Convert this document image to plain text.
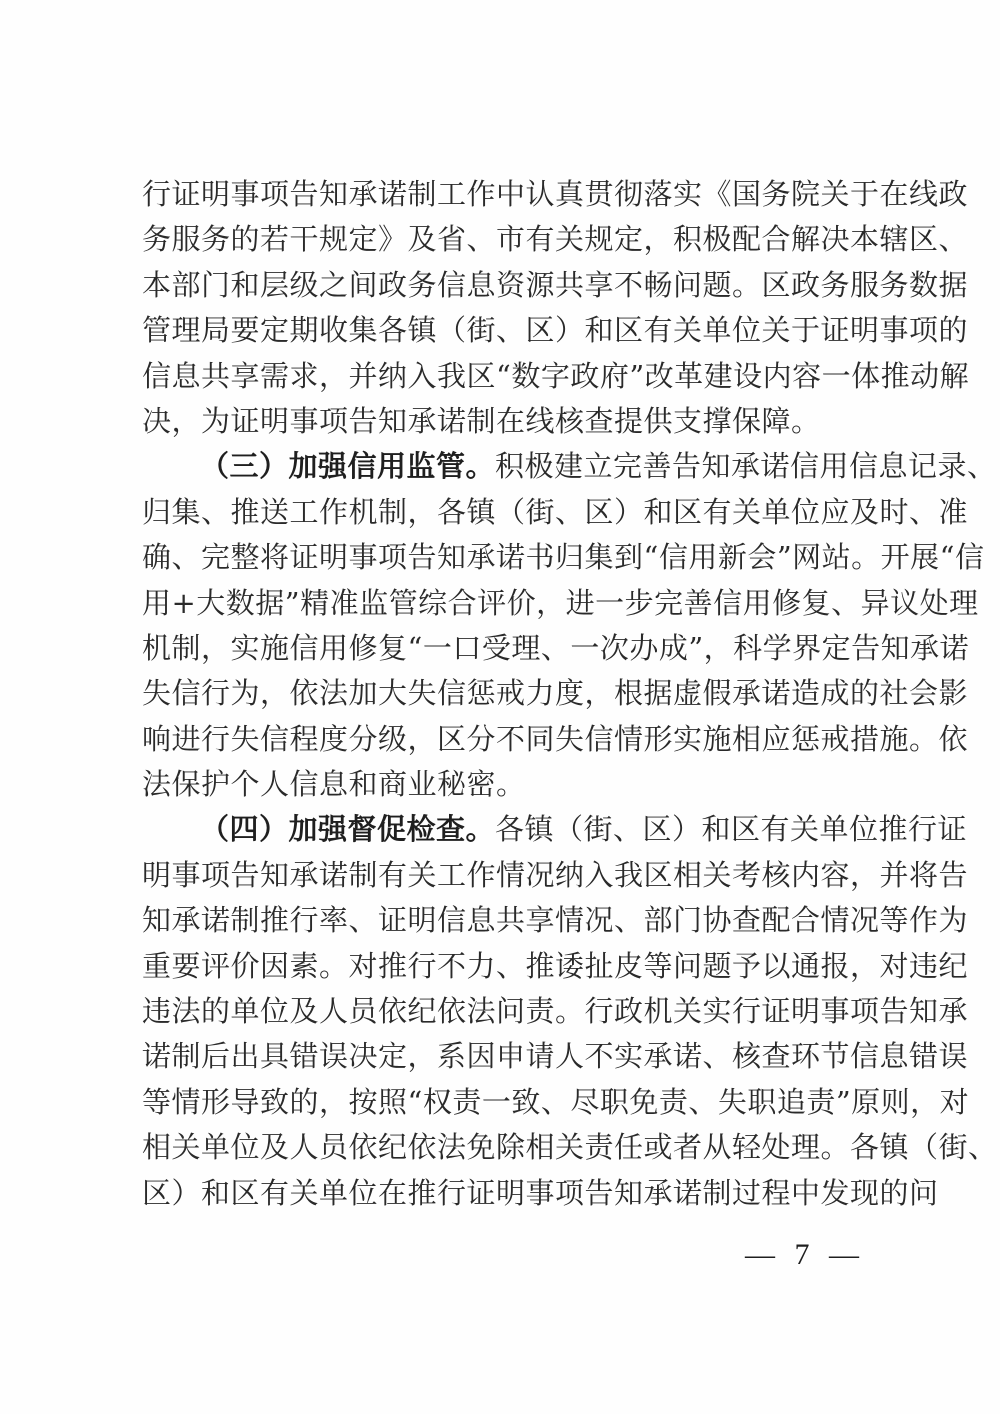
行证明事项告知承诺制工作中认真贯彻落实《国务院关于在线政
务服务的若干规定》及省、市有关规定，积极配合解决本辖区、
本部门和层级之间政务信息资源共享不畅问题。区政务服务数据
管理局要定期收集各镇（街、区）和区有关单位关于证明事项的
信息共享需求，并纳入我区“数字政府”改革建设内容一体推动解
决，为证明事项告知承诺制在线核查提供支撑保障。
（三）加强信用监管。积极建立完善告知承诺信用信息记录、
归集、推送工作机制，各镇（街、区）和区有关单位应及时、准
确、完整将证明事项告知承诺书归集到“信用新会”网站。开展“信
用+大数据”精准监管综合评价，进一步完善信用修复、异议处理
机制，实施信用修复“一口受理、一次办成”，科学界定告知承诺
失信行为，依法加大失信惩戒力度，根据虚假承诺造成的社会影
响进行失信程度分级，区分不同失信情形实施相应惩戒措施。依
法保护个人信息和商业秘密。
（四）加强督促检查。各镇（街、区）和区有关单位推行证
明事项告知承诺制有关工作情况纳入我区相关考核内容，并将告
知承诺制推行率、证明信息共享情况、部门协查配合情况等作为
重要评价因素。对推行不力、推诿扯皮等问题予以通报，对违纪
违法的单位及人员依纪依法问责。行政机关实行证明事项告知承
诺制后出具错误决定，系因申请人不实承诺、核查环节信息错误
等情形导致的，按照“权责一致、尽职免责、失职追责”原则，对
相关单位及人员依纪依法免除相关责任或者从轻处理。各镇（街、
区）和区有关单位在推行证明事项告知承诺制过程中发现的问
— 7 —
